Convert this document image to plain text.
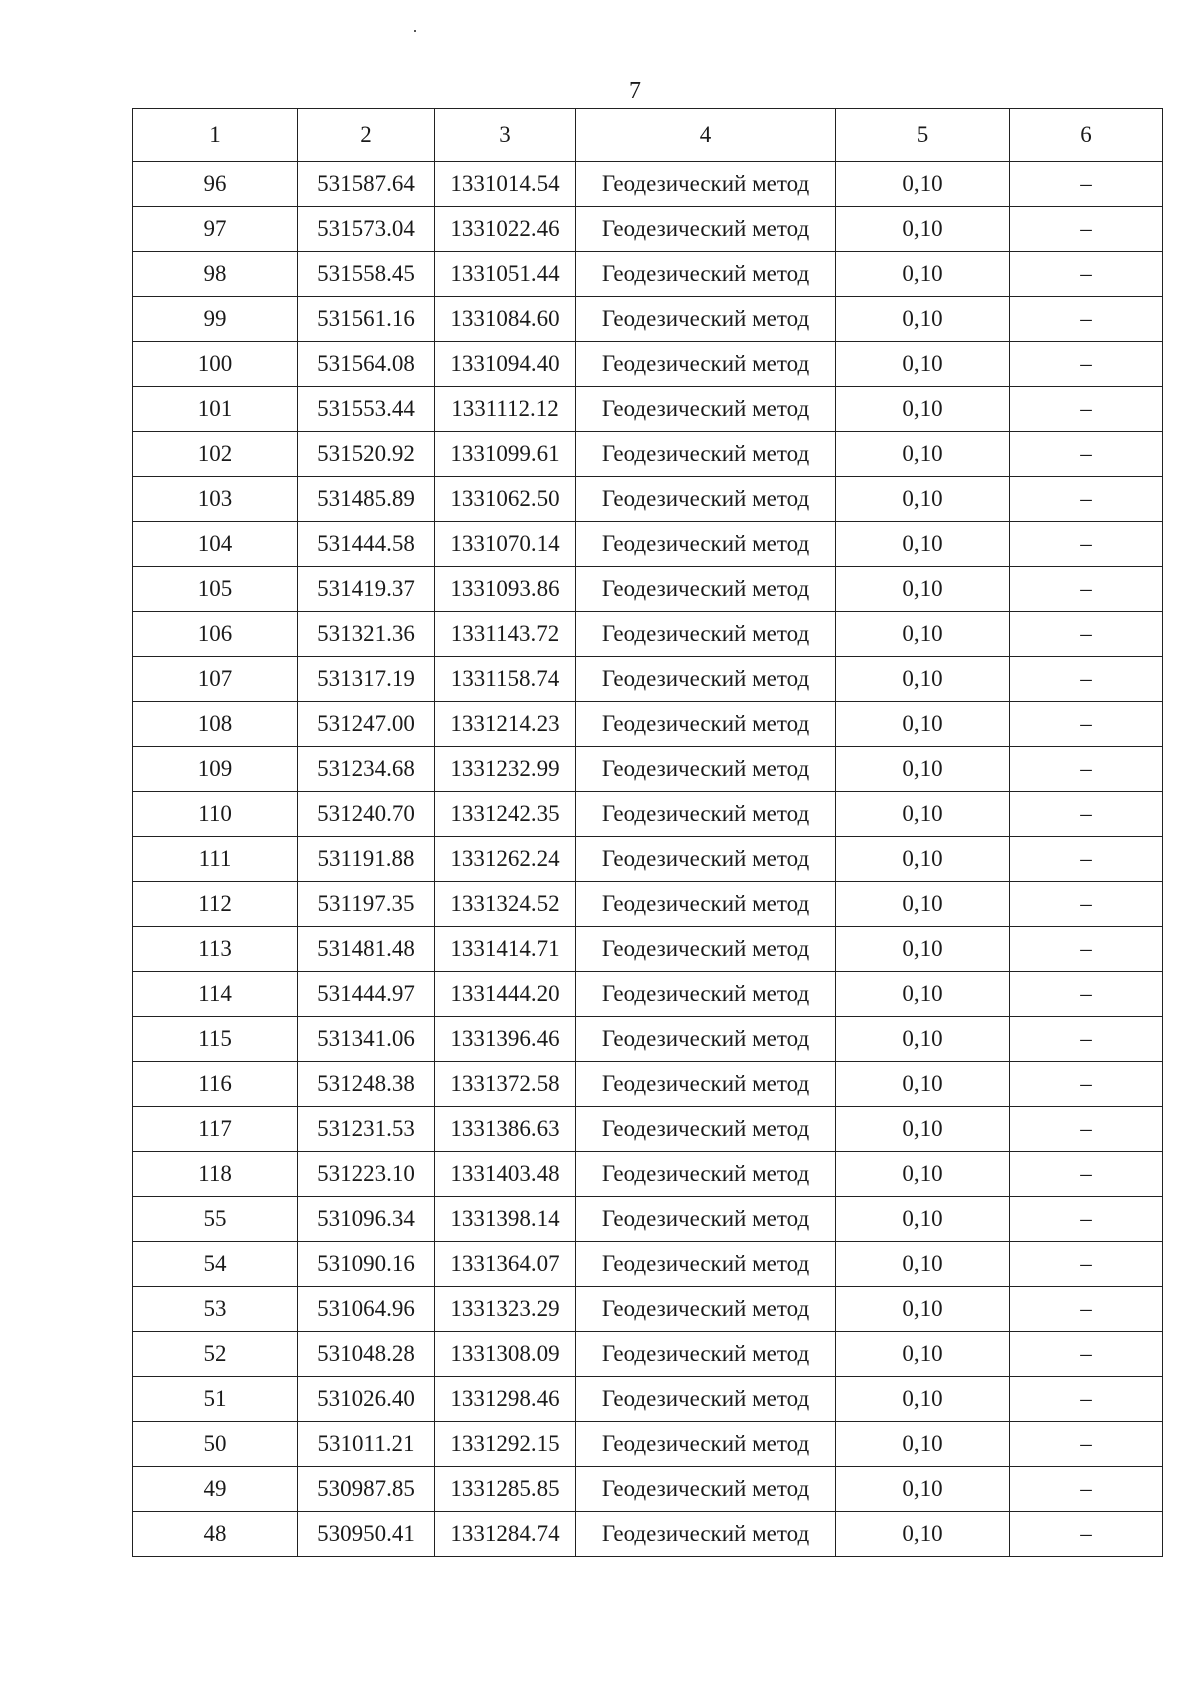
7
1	2	3	4	5	6
96	531587.64	1331014.54	Геодезический метод	0,10	–
97	531573.04	1331022.46	Геодезический метод	0,10	–
98	531558.45	1331051.44	Геодезический метод	0,10	–
99	531561.16	1331084.60	Геодезический метод	0,10	–
100	531564.08	1331094.40	Геодезический метод	0,10	–
101	531553.44	1331112.12	Геодезический метод	0,10	–
102	531520.92	1331099.61	Геодезический метод	0,10	–
103	531485.89	1331062.50	Геодезический метод	0,10	–
104	531444.58	1331070.14	Геодезический метод	0,10	–
105	531419.37	1331093.86	Геодезический метод	0,10	–
106	531321.36	1331143.72	Геодезический метод	0,10	–
107	531317.19	1331158.74	Геодезический метод	0,10	–
108	531247.00	1331214.23	Геодезический метод	0,10	–
109	531234.68	1331232.99	Геодезический метод	0,10	–
110	531240.70	1331242.35	Геодезический метод	0,10	–
111	531191.88	1331262.24	Геодезический метод	0,10	–
112	531197.35	1331324.52	Геодезический метод	0,10	–
113	531481.48	1331414.71	Геодезический метод	0,10	–
114	531444.97	1331444.20	Геодезический метод	0,10	–
115	531341.06	1331396.46	Геодезический метод	0,10	–
116	531248.38	1331372.58	Геодезический метод	0,10	–
117	531231.53	1331386.63	Геодезический метод	0,10	–
118	531223.10	1331403.48	Геодезический метод	0,10	–
55	531096.34	1331398.14	Геодезический метод	0,10	–
54	531090.16	1331364.07	Геодезический метод	0,10	–
53	531064.96	1331323.29	Геодезический метод	0,10	–
52	531048.28	1331308.09	Геодезический метод	0,10	–
51	531026.40	1331298.46	Геодезический метод	0,10	–
50	531011.21	1331292.15	Геодезический метод	0,10	–
49	530987.85	1331285.85	Геодезический метод	0,10	–
48	530950.41	1331284.74	Геодезический метод	0,10	–
